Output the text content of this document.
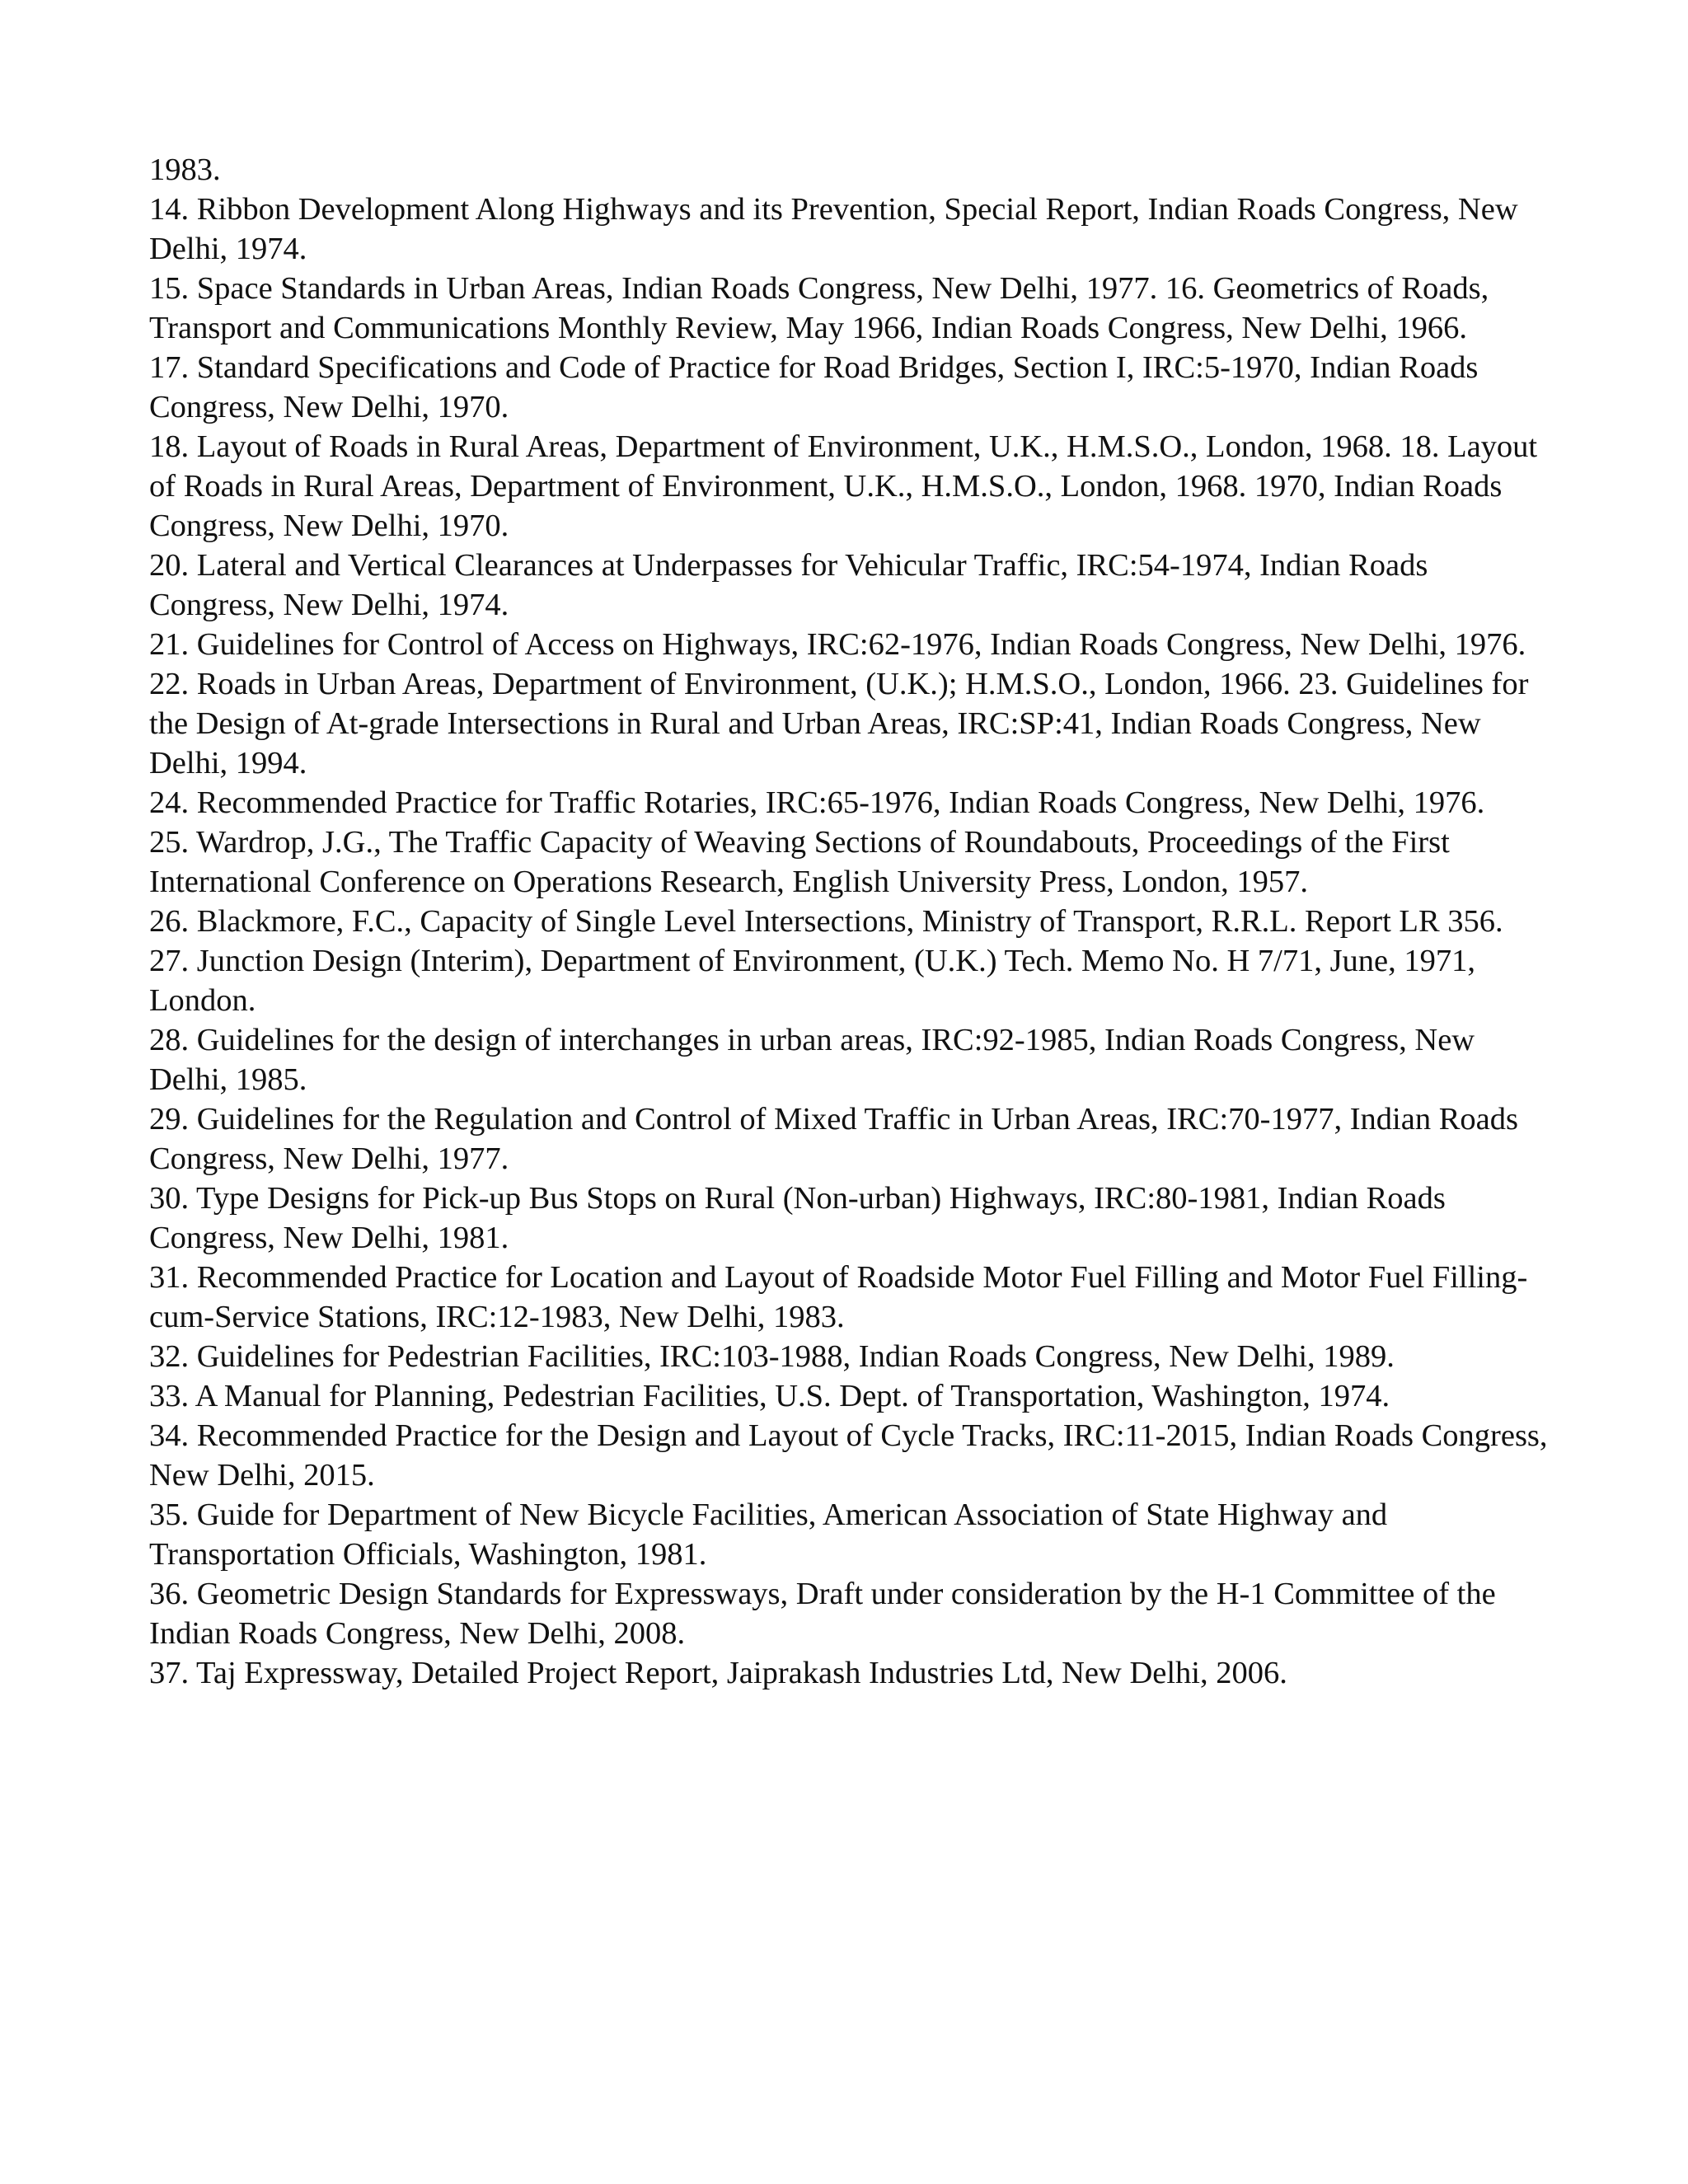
1983.
14. Ribbon Development Along Highways and its Prevention, Special Report, Indian Roads Congress, New Delhi, 1974.
15. Space Standards in Urban Areas, Indian Roads Congress, New Delhi, 1977. 16. Geometrics of Roads, Transport and Communications Monthly Review, May 1966, Indian Roads Congress, New Delhi, 1966.
17. Standard Specifications and Code of Practice for Road Bridges, Section I, IRC:5-1970, Indian Roads Congress, New Delhi, 1970.
18. Layout of Roads in Rural Areas, Department of Environment, U.K., H.M.S.O., London, 1968. 18. Layout of Roads in Rural Areas, Department of Environment, U.K., H.M.S.O., London, 1968. 1970, Indian Roads Congress, New Delhi, 1970.
20. Lateral and Vertical Clearances at Underpasses for Vehicular Traffic, IRC:54-1974, Indian Roads Congress, New Delhi, 1974.
21. Guidelines for Control of Access on Highways, IRC:62-1976, Indian Roads Congress, New Delhi, 1976.
22. Roads in Urban Areas, Department of Environment, (U.K.); H.M.S.O., London, 1966. 23. Guidelines for the Design of At-grade Intersections in Rural and Urban Areas, IRC:SP:41, Indian Roads Congress, New Delhi, 1994.
24. Recommended Practice for Traffic Rotaries, IRC:65-1976, Indian Roads Congress, New Delhi, 1976.
25. Wardrop, J.G., The Traffic Capacity of Weaving Sections of Roundabouts, Proceedings of the First International Conference on Operations Research, English University Press, London, 1957.
26. Blackmore, F.C., Capacity of Single Level Intersections, Ministry of Transport, R.R.L. Report LR 356.
27. Junction Design (Interim), Department of Environment, (U.K.) Tech. Memo No. H 7/71, June, 1971, London.
28. Guidelines for the design of interchanges in urban areas, IRC:92-1985, Indian Roads Congress, New Delhi, 1985.
29. Guidelines for the Regulation and Control of Mixed Traffic in Urban Areas, IRC:70-1977, Indian Roads Congress, New Delhi, 1977.
30. Type Designs for Pick-up Bus Stops on Rural (Non-urban) Highways, IRC:80-1981, Indian Roads Congress, New Delhi, 1981.
31. Recommended Practice for Location and Layout of Roadside Motor Fuel Filling and Motor Fuel Filling-cum-Service Stations, IRC:12-1983, New Delhi, 1983.
32. Guidelines for Pedestrian Facilities, IRC:103-1988, Indian Roads Congress, New Delhi, 1989.
33. A Manual for Planning, Pedestrian Facilities, U.S. Dept. of Transportation, Washington, 1974.
34. Recommended Practice for the Design and Layout of Cycle Tracks, IRC:11-2015, Indian Roads Congress, New Delhi, 2015.
35. Guide for Department of New Bicycle Facilities, American Association of State Highway and Transportation Officials, Washington, 1981.
36. Geometric Design Standards for Expressways, Draft under consideration by the H-1 Committee of the Indian Roads Congress, New Delhi, 2008.
37. Taj Expressway, Detailed Project Report, Jaiprakash Industries Ltd, New Delhi, 2006.
